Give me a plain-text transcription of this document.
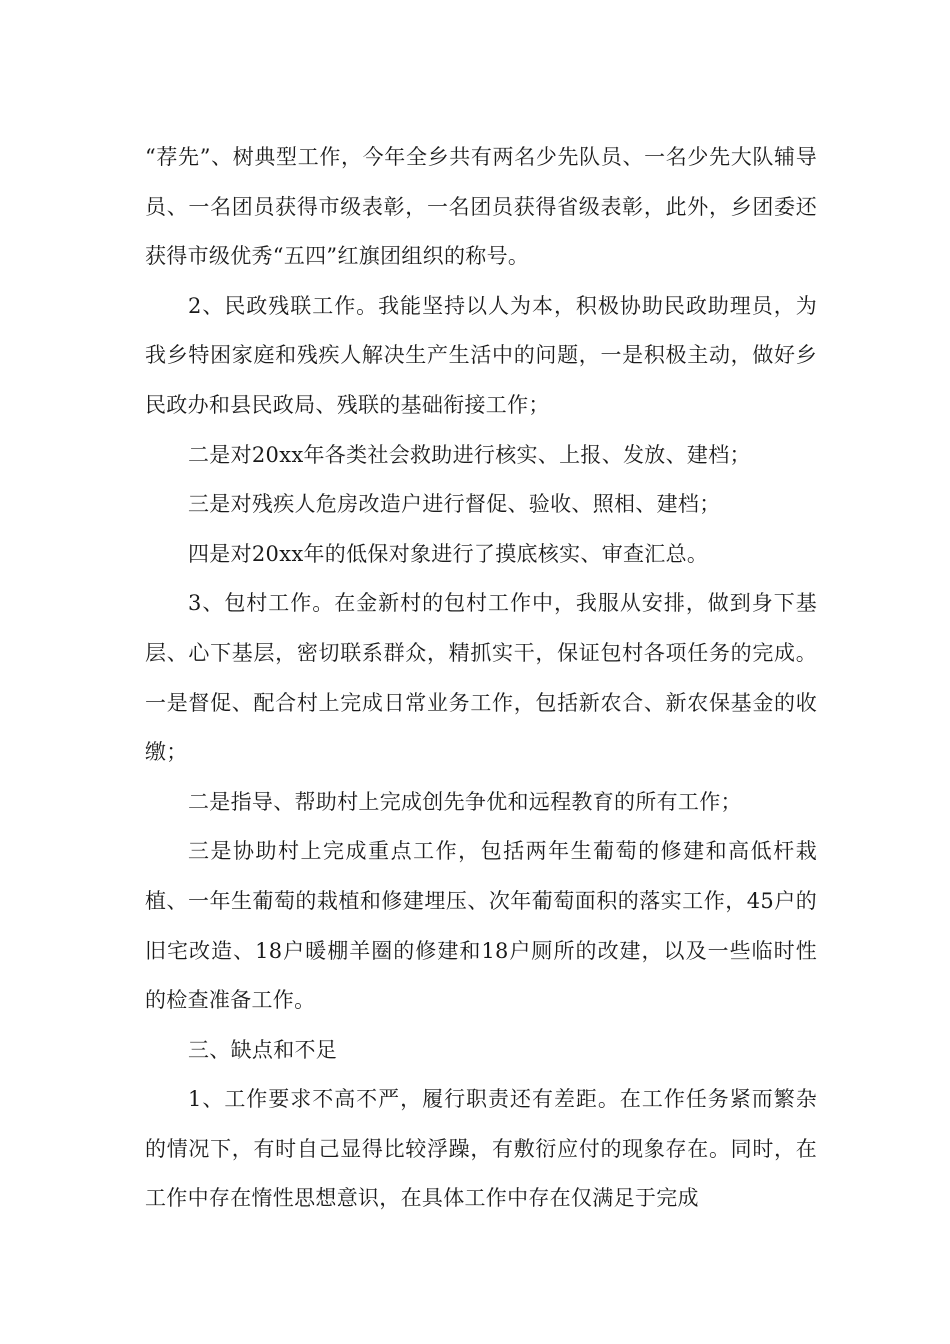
“荐先”、树典型工作，今年全乡共有两名少先队员、一名少先大队辅导员、一名团员获得市级表彰，一名团员获得省级表彰，此外，乡团委还获得市级优秀“五四”红旗团组织的称号。

2、民政残联工作。我能坚持以人为本，积极协助民政助理员，为我乡特困家庭和残疾人解决生产生活中的问题，一是积极主动，做好乡民政办和县民政局、残联的基础衔接工作；

二是对20xx年各类社会救助进行核实、上报、发放、建档；

三是对残疾人危房改造户进行督促、验收、照相、建档；

四是对20xx年的低保对象进行了摸底核实、审查汇总。

3、包村工作。在金新村的包村工作中，我服从安排，做到身下基层、心下基层，密切联系群众，精抓实干，保证包村各项任务的完成。一是督促、配合村上完成日常业务工作，包括新农合、新农保基金的收缴；

二是指导、帮助村上完成创先争优和远程教育的所有工作；

三是协助村上完成重点工作，包括两年生葡萄的修建和高低杆栽植、一年生葡萄的栽植和修建埋压、次年葡萄面积的落实工作，45户的旧宅改造、18户暖棚羊圈的修建和18户厕所的改建，以及一些临时性的检查准备工作。

三、缺点和不足

1、工作要求不高不严，履行职责还有差距。在工作任务紧而繁杂的情况下，有时自己显得比较浮躁，有敷衍应付的现象存在。同时，在工作中存在惰性思想意识，在具体工作中存在仅满足于完成
